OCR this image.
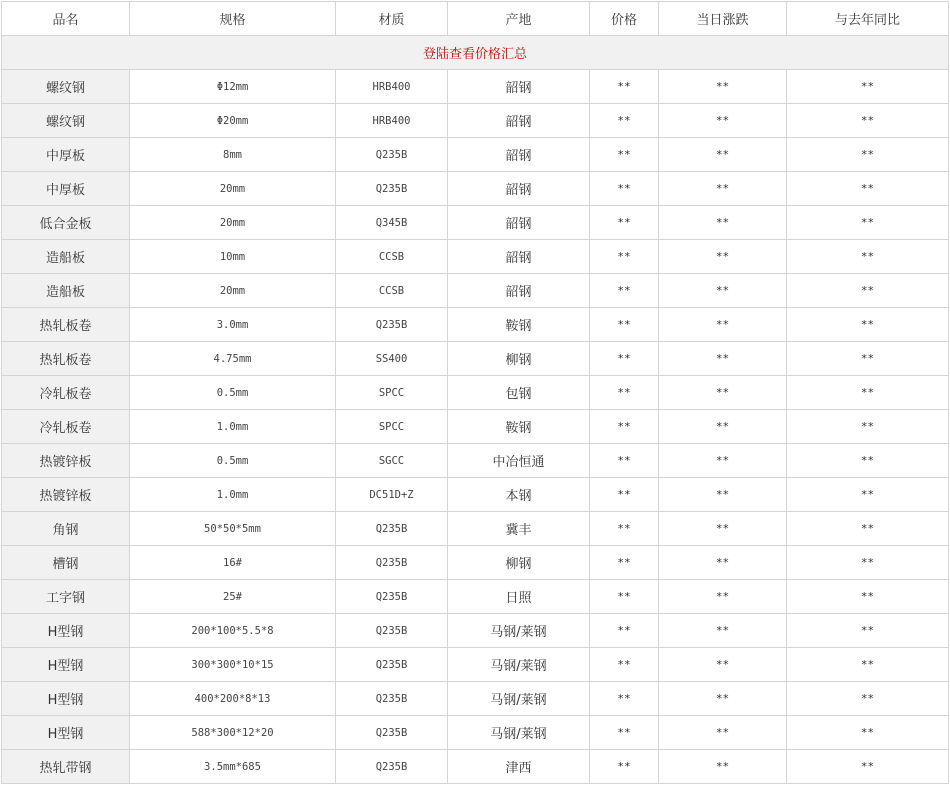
品名	规格	材质	产地	价格	当日涨跌	与去年同比
登陆查看价格汇总						
螺纹钢	Φ12mm	HRB400	韶钢	**	**	**
螺纹钢	Φ20mm	HRB400	韶钢	**	**	**
中厚板	8mm	Q235B	韶钢	**	**	**
中厚板	20mm	Q235B	韶钢	**	**	**
低合金板	20mm	Q345B	韶钢	**	**	**
造船板	10mm	CCSB	韶钢	**	**	**
造船板	20mm	CCSB	韶钢	**	**	**
热轧板卷	3.0mm	Q235B	鞍钢	**	**	**
热轧板卷	4.75mm	SS400	柳钢	**	**	**
冷轧板卷	0.5mm	SPCC	包钢	**	**	**
冷轧板卷	1.0mm	SPCC	鞍钢	**	**	**
热镀锌板	0.5mm	SGCC	中冶恒通	**	**	**
热镀锌板	1.0mm	DC51D+Z	本钢	**	**	**
角钢	50*50*5mm	Q235B	冀丰	**	**	**
槽钢	16#	Q235B	柳钢	**	**	**
工字钢	25#	Q235B	日照	**	**	**
H型钢	200*100*5.5*8	Q235B	马钢/莱钢	**	**	**
H型钢	300*300*10*15	Q235B	马钢/莱钢	**	**	**
H型钢	400*200*8*13	Q235B	马钢/莱钢	**	**	**
H型钢	588*300*12*20	Q235B	马钢/莱钢	**	**	**
热轧带钢	3.5mm*685	Q235B	津西	**	**	**
